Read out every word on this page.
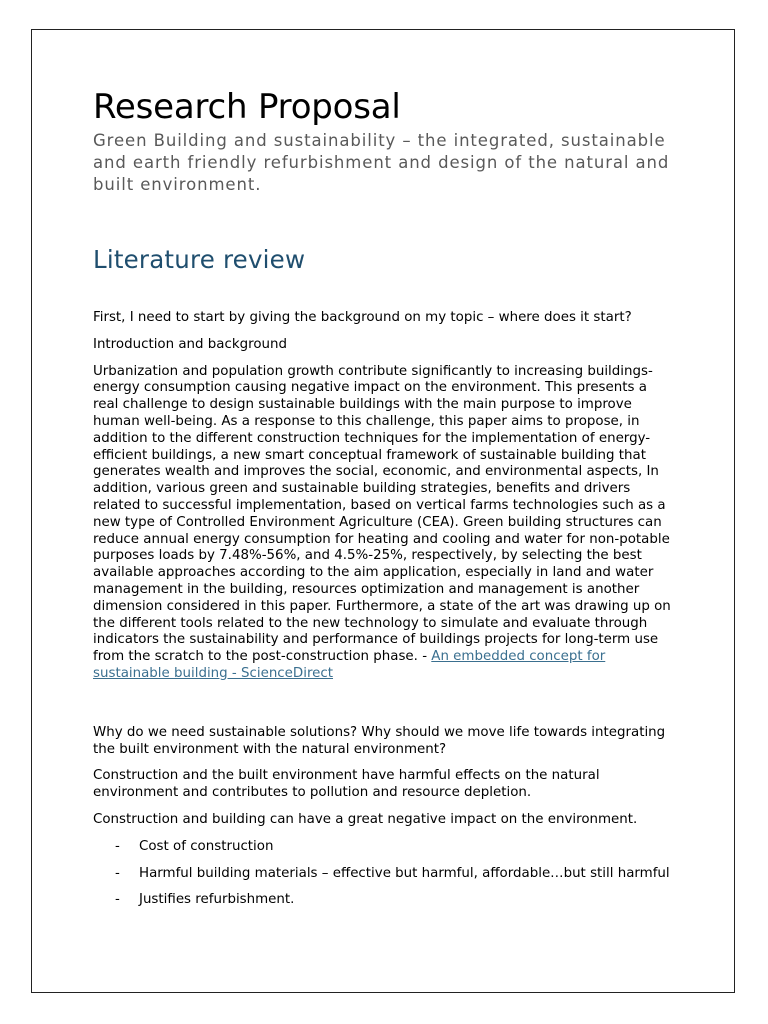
Research Proposal
Green Building and sustainability – the integrated, sustainable and earth friendly refurbishment and design of the natural and built environment.
Literature review

First, I need to start by giving the background on my topic – where does it start?

Introduction and background

Urbanization and population growth contribute significantly to increasing buildings-energy consumption causing negative impact on the environment. This presents a real challenge to design sustainable buildings with the main purpose to improve human well-being. As a response to this challenge, this paper aims to propose, in addition to the different construction techniques for the implementation of energy-efficient buildings, a new smart conceptual framework of sustainable building that generates wealth and improves the social, economic, and environmental aspects, In addition, various green and sustainable building strategies, benefits and drivers related to successful implementation, based on vertical farms technologies such as a new type of Controlled Environment Agriculture (CEA). Green building structures can reduce annual energy consumption for heating and cooling and water for non-potable purposes loads by 7.48%-56%, and 4.5%-25%, respectively, by selecting the best available approaches according to the aim application, especially in land and water management in the building, resources optimization and management is another dimension considered in this paper. Furthermore, a state of the art was drawing up on the different tools related to the new technology to simulate and evaluate through indicators the sustainability and performance of buildings projects for long-term use from the scratch to the post-construction phase. - An embedded concept for sustainable building - ScienceDirect

Why do we need sustainable solutions? Why should we move life towards integrating the built environment with the natural environment?

Construction and the built environment have harmful effects on the natural environment and contributes to pollution and resource depletion.

Construction and building can have a great negative impact on the environment.

- Cost of construction
- Harmful building materials – effective but harmful, affordable…but still harmful
- Justifies refurbishment.
